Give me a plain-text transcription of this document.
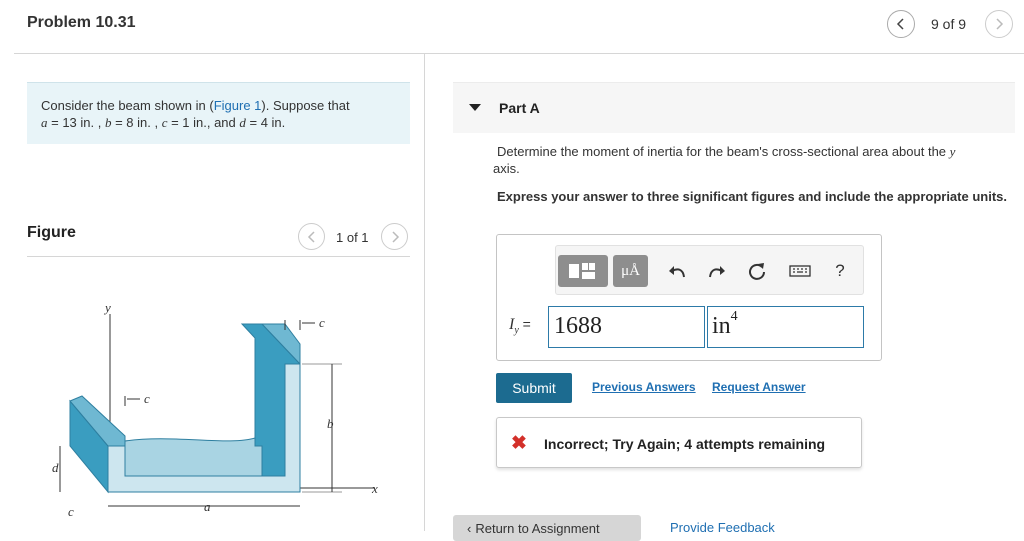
Problem 10.31	9 of 9
Consider the beam shown in (Figure 1). Suppose that
a = 13 in. , b = 8 in. , c = 1 in., and d = 4 in.
Figure	1 of 1
y
x
c
b
c
d
a
c
Part A
Determine the moment of inertia for the beam's cross-sectional area about the y
axis.
Express your answer to three significant figures and include the appropriate units.
μÅ	?
$I_y = 1688$	$in^4$
Submit	Previous Answers Request Answer
✖ Incorrect; Try Again; 4 attempts remaining
‹ Return to Assignment	Provide Feedback
